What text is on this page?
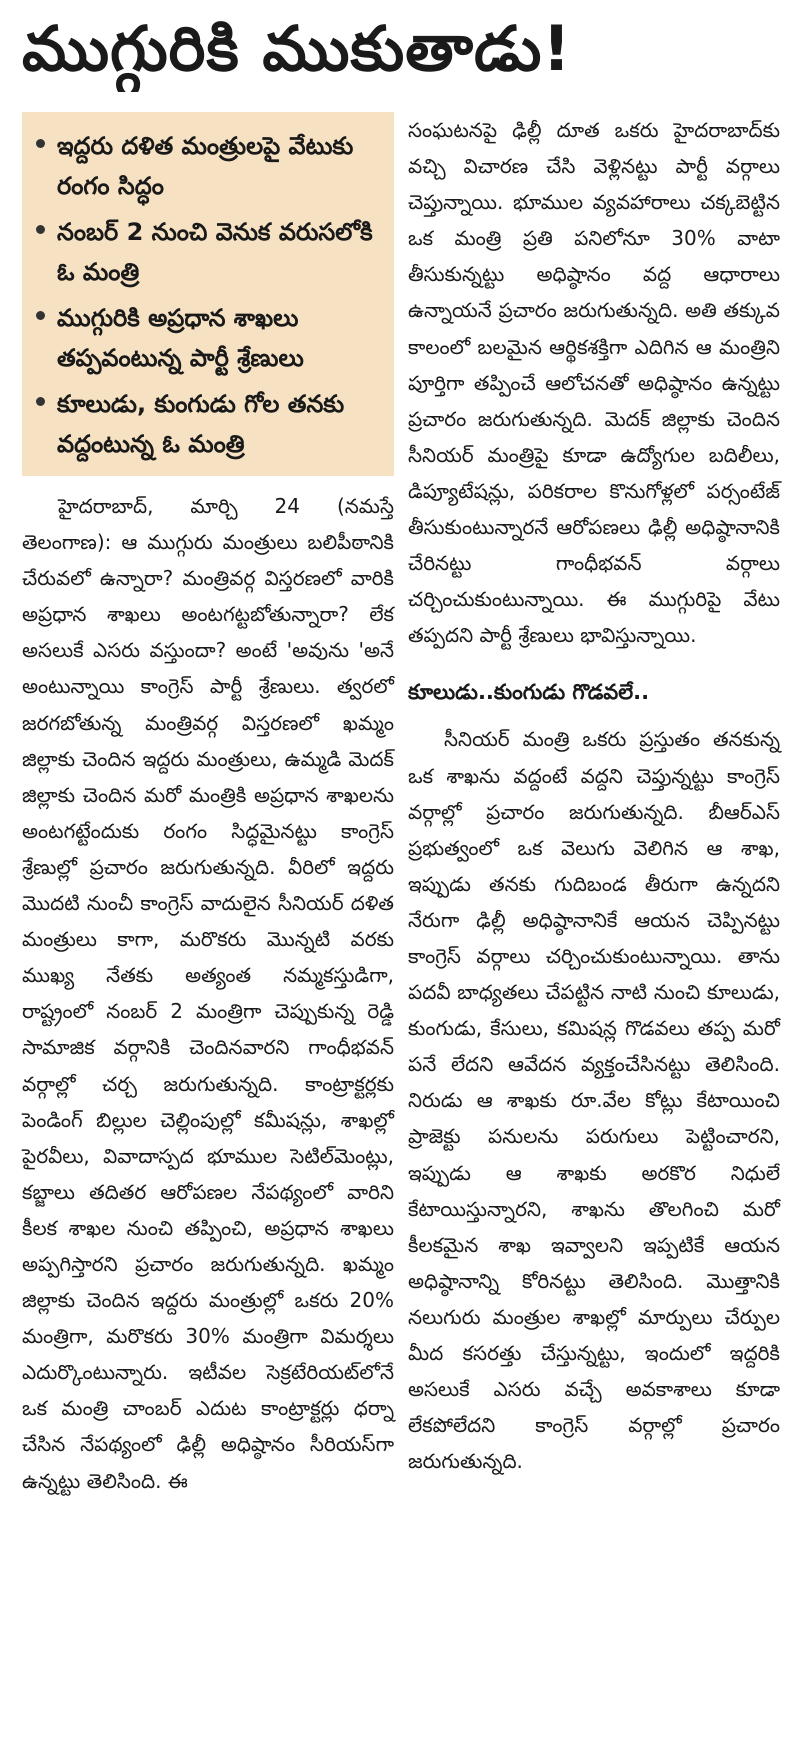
ముగ్గురికి ముకుతాడు!
ఇద్దరు దళిత మంత్రులపై వేటుకు రంగం సిద్ధం
నంబర్ 2 నుంచి వెనుక వరుసలోకి ఓ మంత్రి
ముగ్గురికి అప్రధాన శాఖలు తప్పవంటున్న పార్టీ శ్రేణులు
కూలుడు, కుంగుడు గోల తనకు వద్దంటున్న ఓ మంత్రి

హైదరాబాద్, మార్చి 24 (నమస్తే తెలంగాణ): ఆ ముగ్గురు మంత్రులు బలిపీఠానికి చేరువలో ఉన్నారా? మంత్రివర్గ విస్తరణలో వారికి అప్రధాన శాఖలు అంటగట్టబోతున్నారా? లేక అసలుకే ఎసరు వస్తుందా? అంటే 'అవును 'అనే అంటున్నాయి కాంగ్రెస్ పార్టీ శ్రేణులు. త్వరలో జరగబోతున్న మంత్రివర్గ విస్తరణలో ఖమ్మం జిల్లాకు చెందిన ఇద్దరు మంత్రులు, ఉమ్మడి మెదక్ జిల్లాకు చెందిన మరో మంత్రికి అప్రధాన శాఖలను అంటగట్టేందుకు రంగం సిద్ధమైనట్టు కాంగ్రెస్ శ్రేణుల్లో ప్రచారం జరుగుతున్నది. వీరిలో ఇద్దరు మొదటి నుంచీ కాంగ్రెస్ వాదులైన సీనియర్ దళిత మంత్రులు కాగా, మరొకరు మొన్నటి వరకు ముఖ్య నేతకు అత్యంత నమ్మకస్తుడిగా, రాష్ట్రంలో నంబర్ 2 మంత్రిగా చెప్పుకున్న రెడ్డి సామాజిక వర్గానికి చెందినవారని గాంధీభవన్ వర్గాల్లో చర్చ జరుగుతున్నది. కాంట్రాక్టర్లకు పెండింగ్ బిల్లుల చెల్లింపుల్లో కమీషన్లు, శాఖల్లో పైరవీలు, వివాదాస్పద భూముల సెటిల్‌మెంట్లు, కబ్జాలు తదితర ఆరోపణల నేపథ్యంలో వారిని కీలక శాఖల నుంచి తప్పించి, అప్రధాన శాఖలు అప్పగిస్తారని ప్రచారం జరుగుతున్నది. ఖమ్మం జిల్లాకు చెందిన ఇద్దరు మంత్రుల్లో ఒకరు 20% మంత్రిగా, మరొకరు 30% మంత్రిగా విమర్శలు ఎదుర్కొంటున్నారు. ఇటీవల సెక్రటేరియట్‌లోనే ఒక మంత్రి చాంబర్ ఎదుట కాంట్రాక్టర్లు ధర్నా చేసిన నేపథ్యంలో ఢిల్లీ అధిష్ఠానం సీరియస్‌గా ఉన్నట్టు తెలిసింది. ఈ

సంఘటనపై ఢిల్లీ దూత ఒకరు హైదరాబాద్‌కు వచ్చి విచారణ చేసి వెళ్లినట్టు పార్టీ వర్గాలు చెప్తున్నాయి. భూముల వ్యవహారాలు చక్కబెట్టిన ఒక మంత్రి ప్రతి పనిలోనూ 30% వాటా తీసుకున్నట్టు అధిష్ఠానం వద్ద ఆధారాలు ఉన్నాయనే ప్రచారం జరుగుతున్నది. అతి తక్కువ కాలంలో బలమైన ఆర్థికశక్తిగా ఎదిగిన ఆ మంత్రిని పూర్తిగా తప్పించే ఆలోచనతో అధిష్ఠానం ఉన్నట్టు ప్రచారం జరుగుతున్నది. మెదక్ జిల్లాకు చెందిన సీనియర్ మంత్రిపై కూడా ఉద్యోగుల బదిలీలు, డిప్యూటేషన్లు, పరికరాల కొనుగోళ్లలో పర్సంటేజ్ తీసుకుంటున్నారనే ఆరోపణలు ఢిల్లీ అధిష్ఠానానికి చేరినట్టు గాంధీభవన్ వర్గాలు చర్చించుకుంటున్నాయి. ఈ ముగ్గురిపై వేటు తప్పదని పార్టీ శ్రేణులు భావిస్తున్నాయి.

కూలుడు..కుంగుడు గొడవలే..

సీనియర్ మంత్రి ఒకరు ప్రస్తుతం తనకున్న ఒక శాఖను వద్దంటే వద్దని చెప్తున్నట్టు కాంగ్రెస్ వర్గాల్లో ప్రచారం జరుగుతున్నది. బీఆర్‌ఎస్ ప్రభుత్వంలో ఒక వెలుగు వెలిగిన ఆ శాఖ, ఇప్పుడు తనకు గుదిబండ తీరుగా ఉన్నదని నేరుగా ఢిల్లీ అధిష్ఠానానికే ఆయన చెప్పినట్టు కాంగ్రెస్ వర్గాలు చర్చించుకుంటున్నాయి. తాను పదవీ బాధ్యతలు చేపట్టిన నాటి నుంచి కూలుడు, కుంగుడు, కేసులు, కమిషన్ల గొడవలు తప్ప మరో పనే లేదని ఆవేదన వ్యక్తంచేసినట్టు తెలిసింది. నిరుడు ఆ శాఖకు రూ.వేల కోట్లు కేటాయించి ప్రాజెక్టు పనులను పరుగులు పెట్టించారని, ఇప్పుడు ఆ శాఖకు అరకొర నిధులే కేటాయిస్తున్నారని, శాఖను తొలగించి మరో కీలకమైన శాఖ ఇవ్వాలని ఇప్పటికే ఆయన అధిష్ఠానాన్ని కోరినట్టు తెలిసింది. మొత్తానికి నలుగురు మంత్రుల శాఖల్లో మార్పులు చేర్పుల మీద కసరత్తు చేస్తున్నట్టు, ఇందులో ఇద్దరికి అసలుకే ఎసరు వచ్చే అవకాశాలు కూడా లేకపోలేదని కాంగ్రెస్ వర్గాల్లో ప్రచారం జరుగుతున్నది.
